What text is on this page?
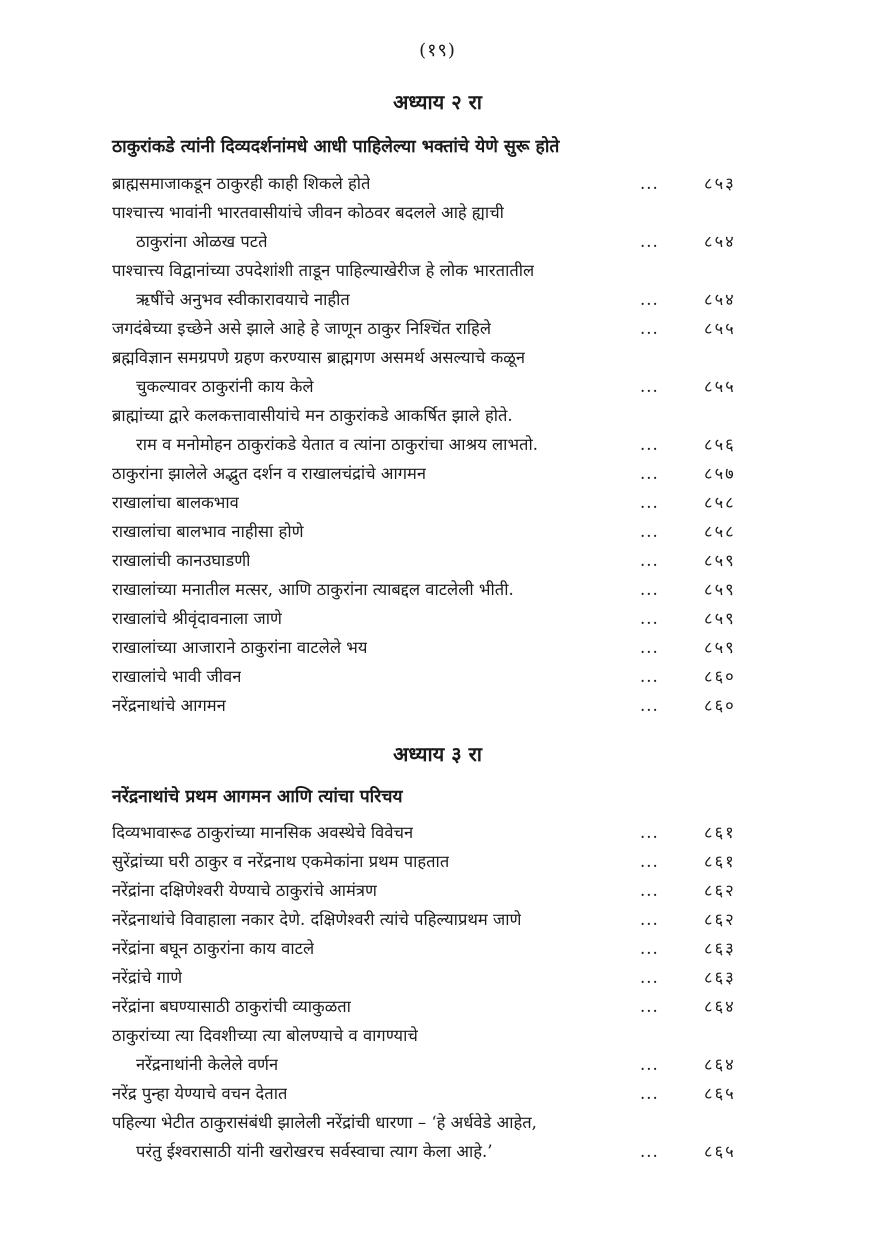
(१९)
अध्याय २ रा
ठाकुरांकडे त्यांनी दिव्यदर्शनांमधे आधी पाहिलेल्या भक्तांचे येणे सुरू होते
ब्राह्मसमाजाकडून ठाकुरही काही शिकले होते	...	८५३
पाश्चात्त्य भावांनी भारतवासीयांचे जीवन कोठवर बदलले आहे ह्याची
ठाकुरांना ओळख पटते	...	८५४
पाश्चात्त्य विद्वानांच्या उपदेशांशी ताडून पाहिल्याखेरीज हे लोक भारतातील
ऋषींचे अनुभव स्वीकारावयाचे नाहीत	...	८५४
जगदंबेच्या इच्छेने असे झाले आहे हे जाणून ठाकुर निश्चिंत राहिले	...	८५५
ब्रह्मविज्ञान समग्रपणे ग्रहण करण्यास ब्राह्मगण असमर्थ असल्याचे कळून
चुकल्यावर ठाकुरांनी काय केले	...	८५५
ब्राह्मांच्या द्वारे कलकत्तावासीयांचे मन ठाकुरांकडे आकर्षित झाले होते.
राम व मनोमोहन ठाकुरांकडे येतात व त्यांना ठाकुरांचा आश्रय लाभतो.	...	८५६
ठाकुरांना झालेले अद्भुत दर्शन व राखालचंद्रांचे आगमन	...	८५७
राखालांचा बालकभाव	...	८५८
राखालांचा बालभाव नाहीसा होणे	...	८५८
राखालांची कानउघाडणी	...	८५९
राखालांच्या मनातील मत्सर, आणि ठाकुरांना त्याबद्दल वाटलेली भीती.	...	८५९
राखालांचे श्रीवृंदावनाला जाणे	...	८५९
राखालांच्या आजाराने ठाकुरांना वाटलेले भय	...	८५९
राखालांचे भावी जीवन	...	८६०
नरेंद्रनाथांचे आगमन	...	८६०
अध्याय ३ रा
नरेंद्रनाथांचे प्रथम आगमन आणि त्यांचा परिचय
दिव्यभावारूढ ठाकुरांच्या मानसिक अवस्थेचे विवेचन	...	८६१
सुरेंद्रांच्या घरी ठाकुर व नरेंद्रनाथ एकमेकांना प्रथम पाहतात	...	८६१
नरेंद्रांना दक्षिणेश्वरी येण्याचे ठाकुरांचे आमंत्रण	...	८६२
नरेंद्रनाथांचे विवाहाला नकार देणे. दक्षिणेश्वरी त्यांचे पहिल्याप्रथम जाणे	...	८६२
नरेंद्रांना बघून ठाकुरांना काय वाटले	...	८६३
नरेंद्रांचे गाणे	...	८६३
नरेंद्रांना बघण्यासाठी ठाकुरांची व्याकुळता	...	८६४
ठाकुरांच्या त्या दिवशीच्या त्या बोलण्याचे व वागण्याचे
नरेंद्रनाथांनी केलेले वर्णन	...	८६४
नरेंद्र पुन्हा येण्याचे वचन देतात	...	८६५
पहिल्या भेटीत ठाकुरासंबंधी झालेली नरेंद्रांची धारणा – ‘हे अर्धवेडे आहेत,
परंतु ईश्वरासाठी यांनी खरोखरच सर्वस्वाचा त्याग केला आहे.’	...	८६५
